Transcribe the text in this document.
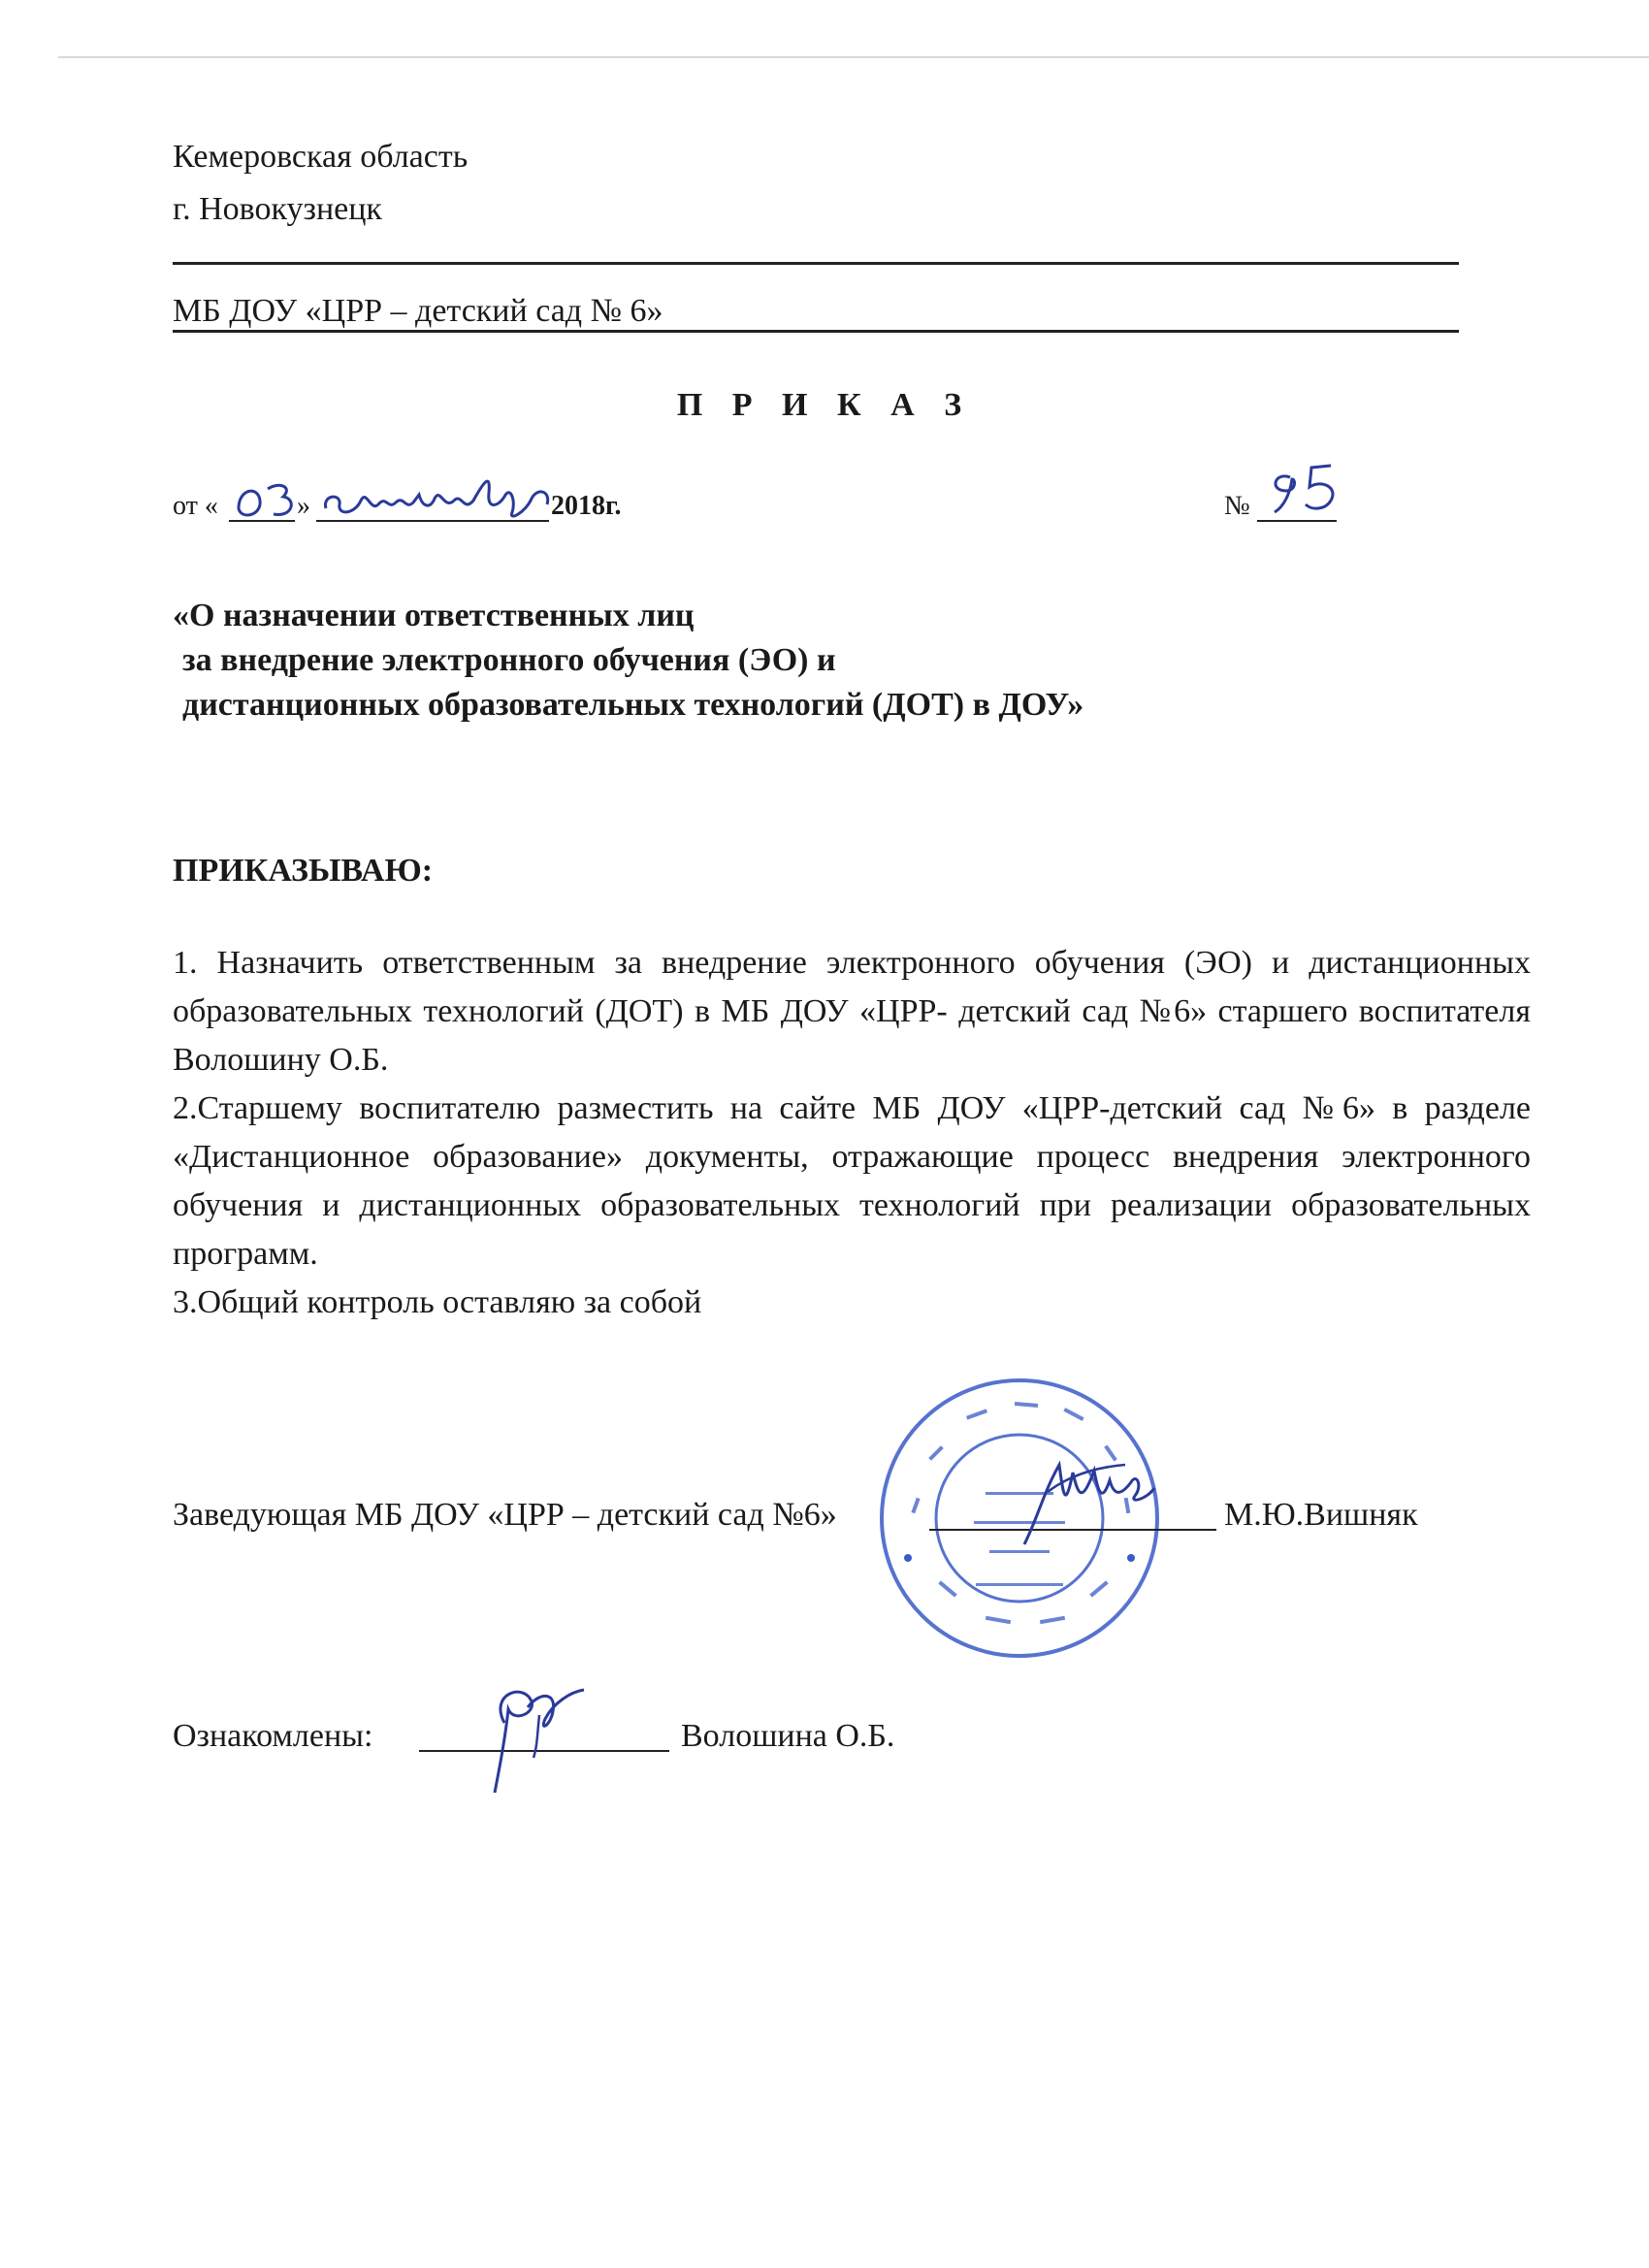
Кемеровская область
г. Новокузнецк
МБ ДОУ «ЦРР – детский сад № 6»
П Р И К А З
от «	»	2018г.	№
«О назначении ответственных лиц
за внедрение электронного обучения (ЭО) и
дистанционных образовательных технологий (ДОТ) в ДОУ»
ПРИКАЗЫВАЮ:
1. Назначить ответственным за внедрение электронного обучения (ЭО) и дистанционных образовательных технологий (ДОТ) в МБ ДОУ «ЦРР- детский сад №6» старшего воспитателя Волошину О.Б.
2.Старшему воспитателю разместить на сайте МБ ДОУ «ЦРР-детский сад №6» в разделе «Дистанционное образование» документы, отражающие процесс внедрения электронного обучения и дистанционных образовательных технологий при реализации образовательных программ.
3.Общий контроль оставляю за собой
Заведующая МБ ДОУ «ЦРР – детский сад №6»	М.Ю.Вишняк
Ознакомлены:	Волошина О.Б.
